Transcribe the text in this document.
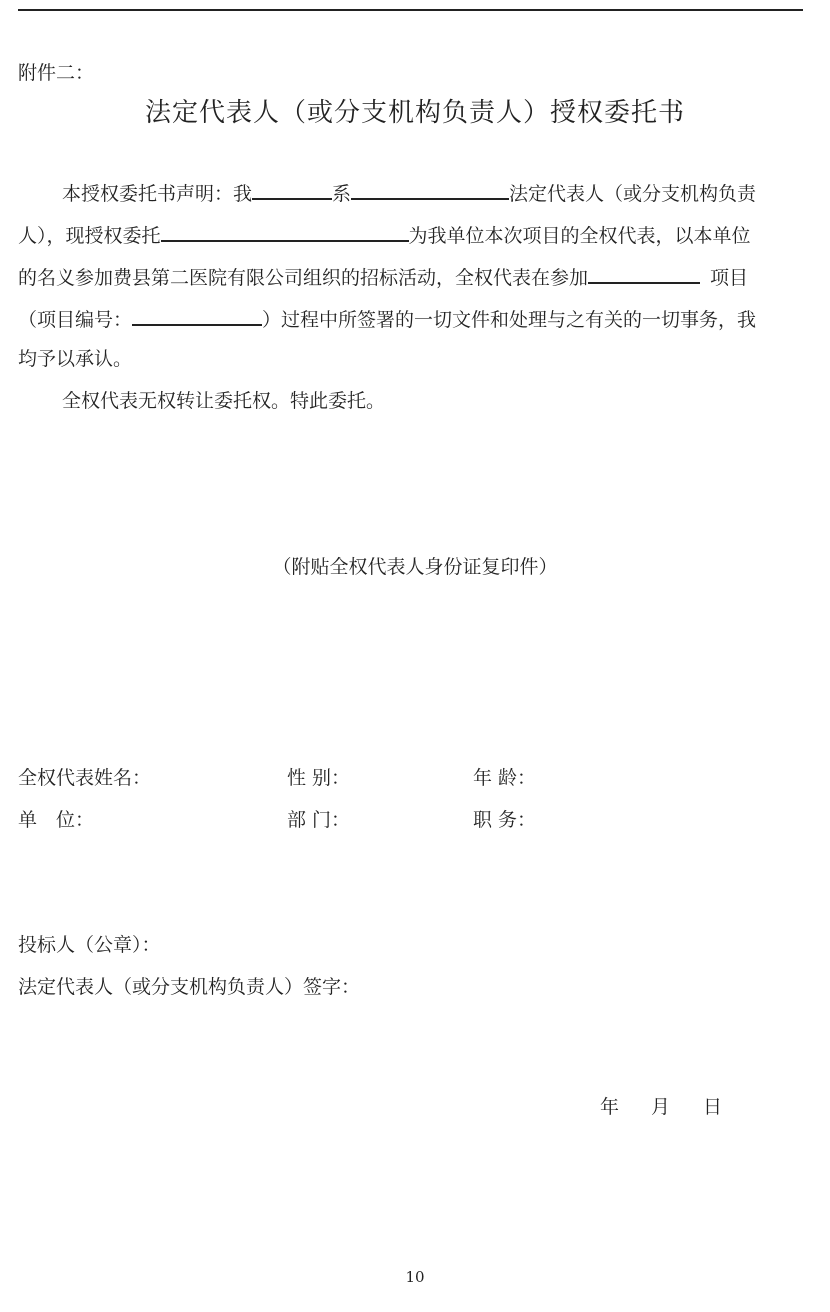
附件二：
法定代表人（或分支机构负责人）授权委托书
本授权委托书声明：我	系	法定代表人（或分支机构负责
人），现授权委托	为我单位本次项目的全权代表，以本单位
的名义参加费县第二医院有限公司组织的招标活动，全权代表在参加	项目
（项目编号：	）过程中所签署的一切文件和处理与之有关的一切事务，我
均予以承认。
全权代表无权转让委托权。特此委托。
（附贴全权代表人身份证复印件）
全权代表姓名：	性 别：	年 龄：
单　位：	部 门：	职 务：
投标人（公章）：
法定代表人（或分支机构负责人）签字：
年 月 日
10
